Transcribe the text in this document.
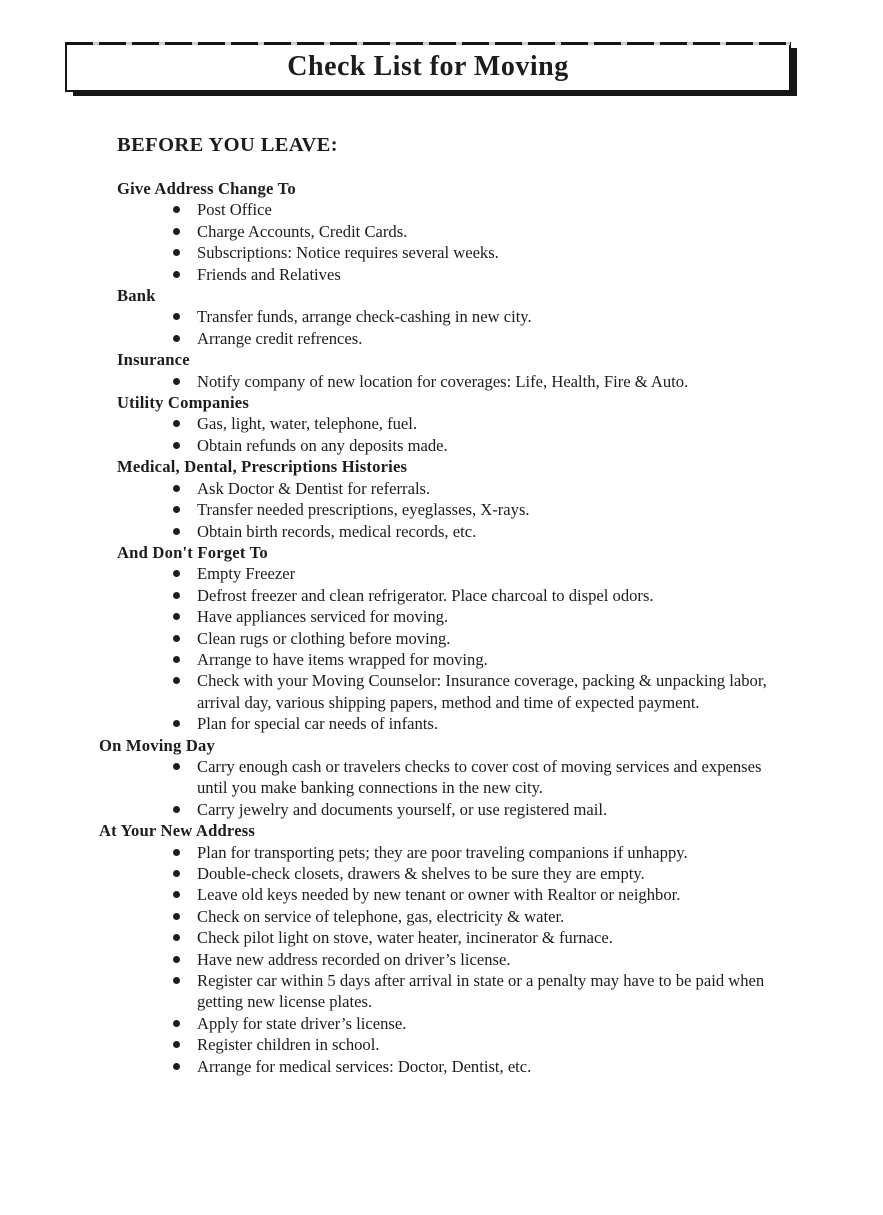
Check List for Moving
BEFORE YOU LEAVE:
Give Address Change To
Post Office
Charge Accounts, Credit Cards.
Subscriptions: Notice requires several weeks.
Friends and Relatives
Bank
Transfer funds, arrange check-cashing in new city.
Arrange credit refrences.
Insurance
Notify company of new location for coverages: Life, Health, Fire & Auto.
Utility Companies
Gas, light, water, telephone, fuel.
Obtain refunds on any deposits made.
Medical, Dental, Prescriptions Histories
Ask Doctor & Dentist for referrals.
Transfer needed prescriptions, eyeglasses, X-rays.
Obtain birth records, medical records, etc.
And Don't Forget To
Empty Freezer
Defrost freezer and clean refrigerator. Place charcoal to dispel odors.
Have appliances serviced for moving.
Clean rugs or clothing before moving.
Arrange to have items wrapped for moving.
Check with your Moving Counselor: Insurance coverage, packing & unpacking labor, arrival day, various shipping papers, method and time of expected payment.
Plan for special car needs of infants.
On Moving Day
Carry enough cash or travelers checks to cover cost of moving services and expenses until you make banking connections in the new city.
Carry jewelry and documents yourself, or use registered mail.
At Your New Address
Plan for transporting pets; they are poor traveling companions if unhappy.
Double-check closets, drawers & shelves to be sure they are empty.
Leave old keys needed by new tenant or owner with Realtor or neighbor.
Check on service of telephone, gas, electricity & water.
Check pilot light on stove, water heater, incinerator & furnace.
Have new address recorded on driver’s license.
Register car within 5 days after arrival in state or a penalty may have to be paid when getting new license plates.
Apply for state driver’s license.
Register children in school.
Arrange for medical services: Doctor, Dentist, etc.
